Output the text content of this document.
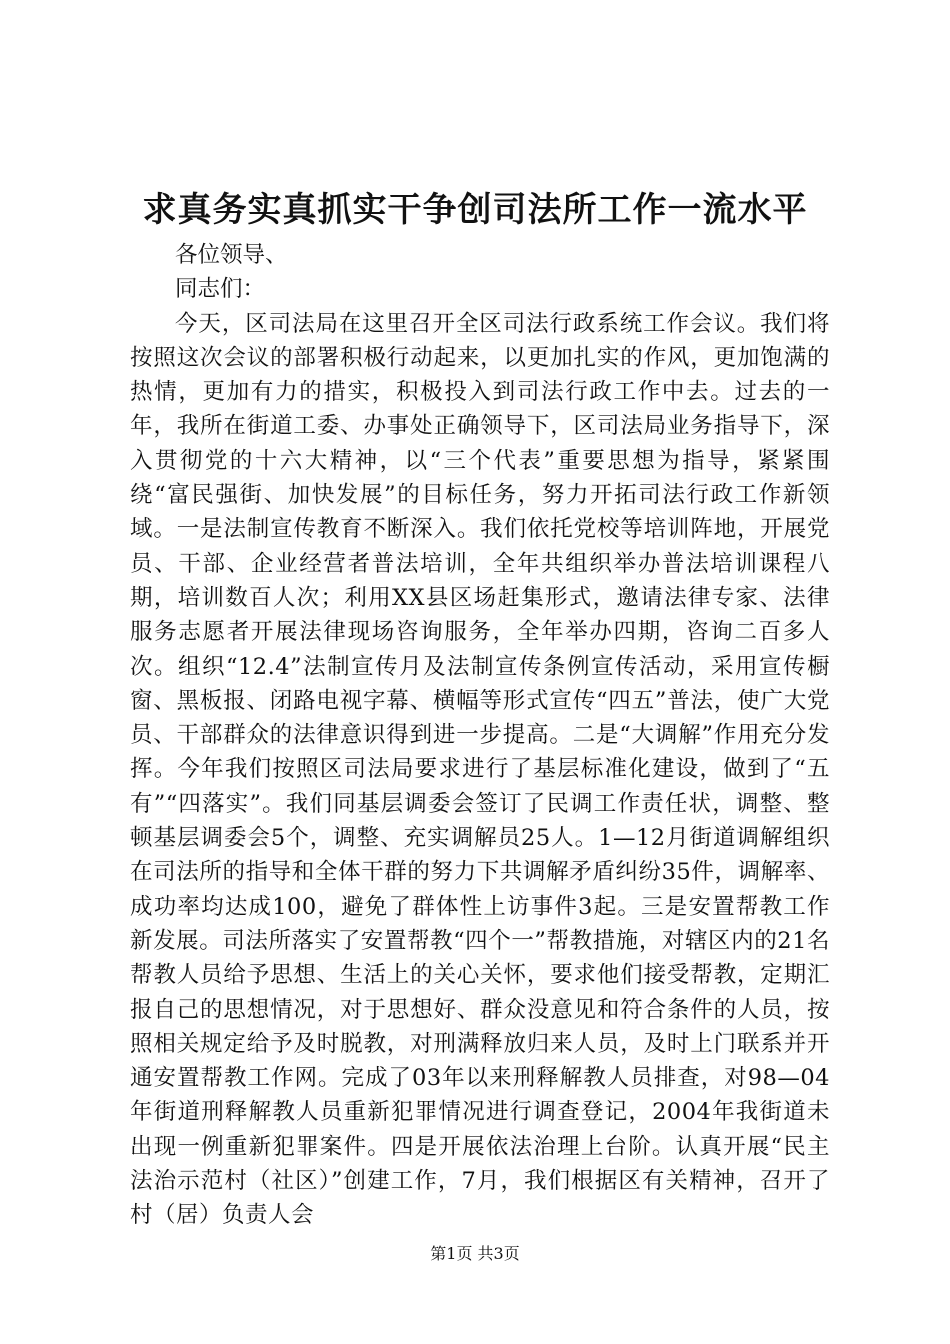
求真务实真抓实干争创司法所工作一流水平

各位领导、

同志们：

今天，区司法局在这里召开全区司法行政系统工作会议。我们将按照这次会议的部署积极行动起来，以更加扎实的作风，更加饱满的热情，更加有力的措实，积极投入到司法行政工作中去。过去的一年，我所在街道工委、办事处正确领导下，区司法局业务指导下，深入贯彻党的十六大精神，以“三个代表”重要思想为指导，紧紧围绕“富民强街、加快发展”的目标任务，努力开拓司法行政工作新领域。一是法制宣传教育不断深入。我们依托党校等培训阵地，开展党员、干部、企业经营者普法培训，全年共组织举办普法培训课程八期，培训数百人次；利用XX县区场赶集形式，邀请法律专家、法律服务志愿者开展法律现场咨询服务，全年举办四期，咨询二百多人次。组织“12.4”法制宣传月及法制宣传条例宣传活动，采用宣传橱窗、黑板报、闭路电视字幕、横幅等形式宣传“四五”普法，使广大党员、干部群众的法律意识得到进一步提高。二是“大调解”作用充分发挥。今年我们按照区司法局要求进行了基层标准化建设，做到了“五有”“四落实”。我们同基层调委会签订了民调工作责任状，调整、整顿基层调委会5个，调整、充实调解员25人。1—12月街道调解组织在司法所的指导和全体干群的努力下共调解矛盾纠纷35件，调解率、成功率均达成100，避免了群体性上访事件3起。三是安置帮教工作新发展。司法所落实了安置帮教“四个一”帮教措施，对辖区内的21名帮教人员给予思想、生活上的关心关怀，要求他们接受帮教，定期汇报自己的思想情况，对于思想好、群众没意见和符合条件的人员，按照相关规定给予及时脱教，对刑满释放归来人员，及时上门联系并开通安置帮教工作网。完成了03年以来刑释解教人员排查，对98—04年街道刑释解教人员重新犯罪情况进行调查登记，2004年我街道未出现一例重新犯罪案件。四是开展依法治理上台阶。认真开展“民主法治示范村（社区）”创建工作，7月，我们根据区有关精神，召开了村（居）负责人会

第1页 共3页
